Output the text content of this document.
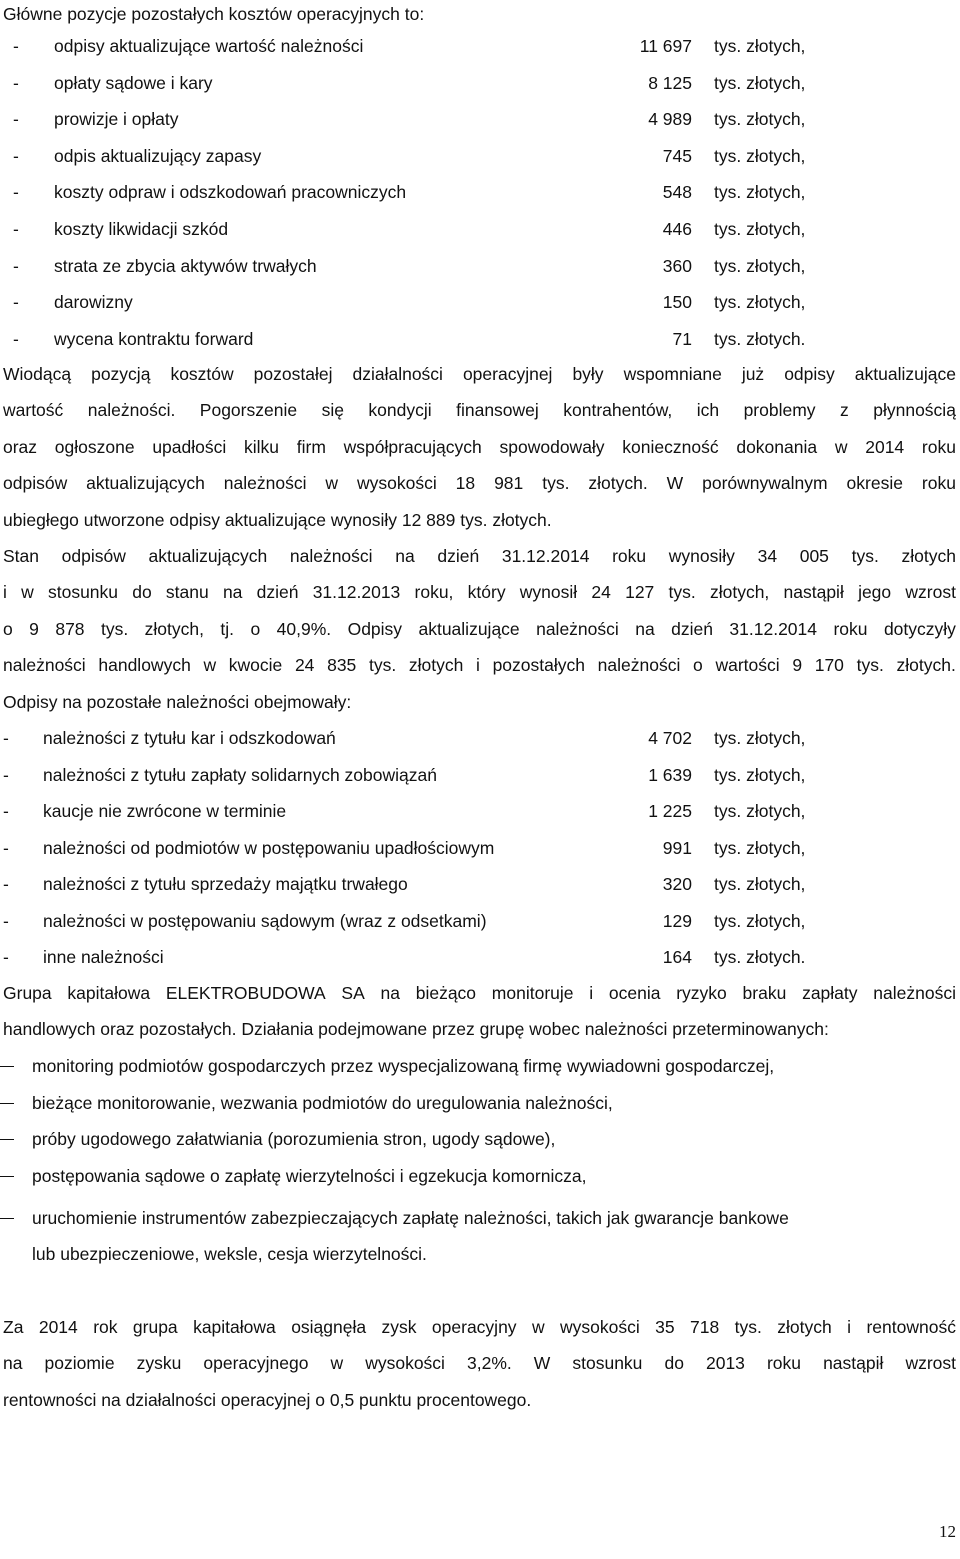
Główne pozycje pozostałych kosztów operacyjnych to:
- odpisy aktualizujące wartość należności	11 697 tys. złotych,
- opłaty sądowe i kary	8 125 tys. złotych,
- prowizje i opłaty	4 989 tys. złotych,
- odpis aktualizujący zapasy	745 tys. złotych,
- koszty odpraw i odszkodowań pracowniczych	548 tys. złotych,
- koszty likwidacji szkód	446 tys. złotych,
- strata ze zbycia aktywów trwałych	360 tys. złotych,
- darowizny	150 tys. złotych,
- wycena kontraktu forward	71 tys. złotych.
Wiodącą pozycją kosztów pozostałej działalności operacyjnej były wspomniane już odpisy aktualizujące
wartość należności. Pogorszenie się kondycji finansowej kontrahentów, ich problemy z płynnością
oraz ogłoszone upadłości kilku firm współpracujących spowodowały konieczność dokonania w 2014 roku
odpisów aktualizujących należności w wysokości 18 981 tys. złotych. W porównywalnym okresie roku
ubiegłego utworzone odpisy aktualizujące wynosiły 12 889 tys. złotych.
Stan odpisów aktualizujących należności na dzień 31.12.2014 roku wynosiły 34 005 tys. złotych
i w stosunku do stanu na dzień 31.12.2013 roku, który wynosił 24 127 tys. złotych, nastąpił jego wzrost
o 9 878 tys. złotych, tj. o 40,9%. Odpisy aktualizujące należności na dzień 31.12.2014 roku dotyczyły
należności handlowych w kwocie 24 835 tys. złotych i pozostałych należności o wartości 9 170 tys. złotych.
Odpisy na pozostałe należności obejmowały:
- należności z tytułu kar i odszkodowań	4 702 tys. złotych,
- należności z tytułu zapłaty solidarnych zobowiązań	1 639 tys. złotych,
- kaucje nie zwrócone w terminie	1 225 tys. złotych,
- należności od podmiotów w postępowaniu upadłościowym	991 tys. złotych,
- należności z tytułu sprzedaży majątku trwałego	320 tys. złotych,
- należności w postępowaniu sądowym (wraz z odsetkami)	129 tys. złotych,
- inne należności	164 tys. złotych.
Grupa kapitałowa ELEKTROBUDOWA SA na bieżąco monitoruje i ocenia ryzyko braku zapłaty należności
handlowych oraz pozostałych. Działania podejmowane przez grupę wobec należności przeterminowanych:
monitoring podmiotów gospodarczych przez wyspecjalizowaną firmę wywiadowni gospodarczej,
bieżące monitorowanie, wezwania podmiotów do uregulowania należności,
próby ugodowego załatwiania (porozumienia stron, ugody sądowe),
postępowania sądowe o zapłatę wierzytelności i egzekucja komornicza,
uruchomienie instrumentów zabezpieczających zapłatę należności, takich jak gwarancje bankowe
lub ubezpieczeniowe, weksle, cesja wierzytelności.
Za 2014 rok grupa kapitałowa osiągnęła zysk operacyjny w wysokości 35 718 tys. złotych i rentowność
na poziomie zysku operacyjnego w wysokości 3,2%. W stosunku do 2013 roku nastąpił wzrost
rentowności na działalności operacyjnej o 0,5 punktu procentowego.
12
